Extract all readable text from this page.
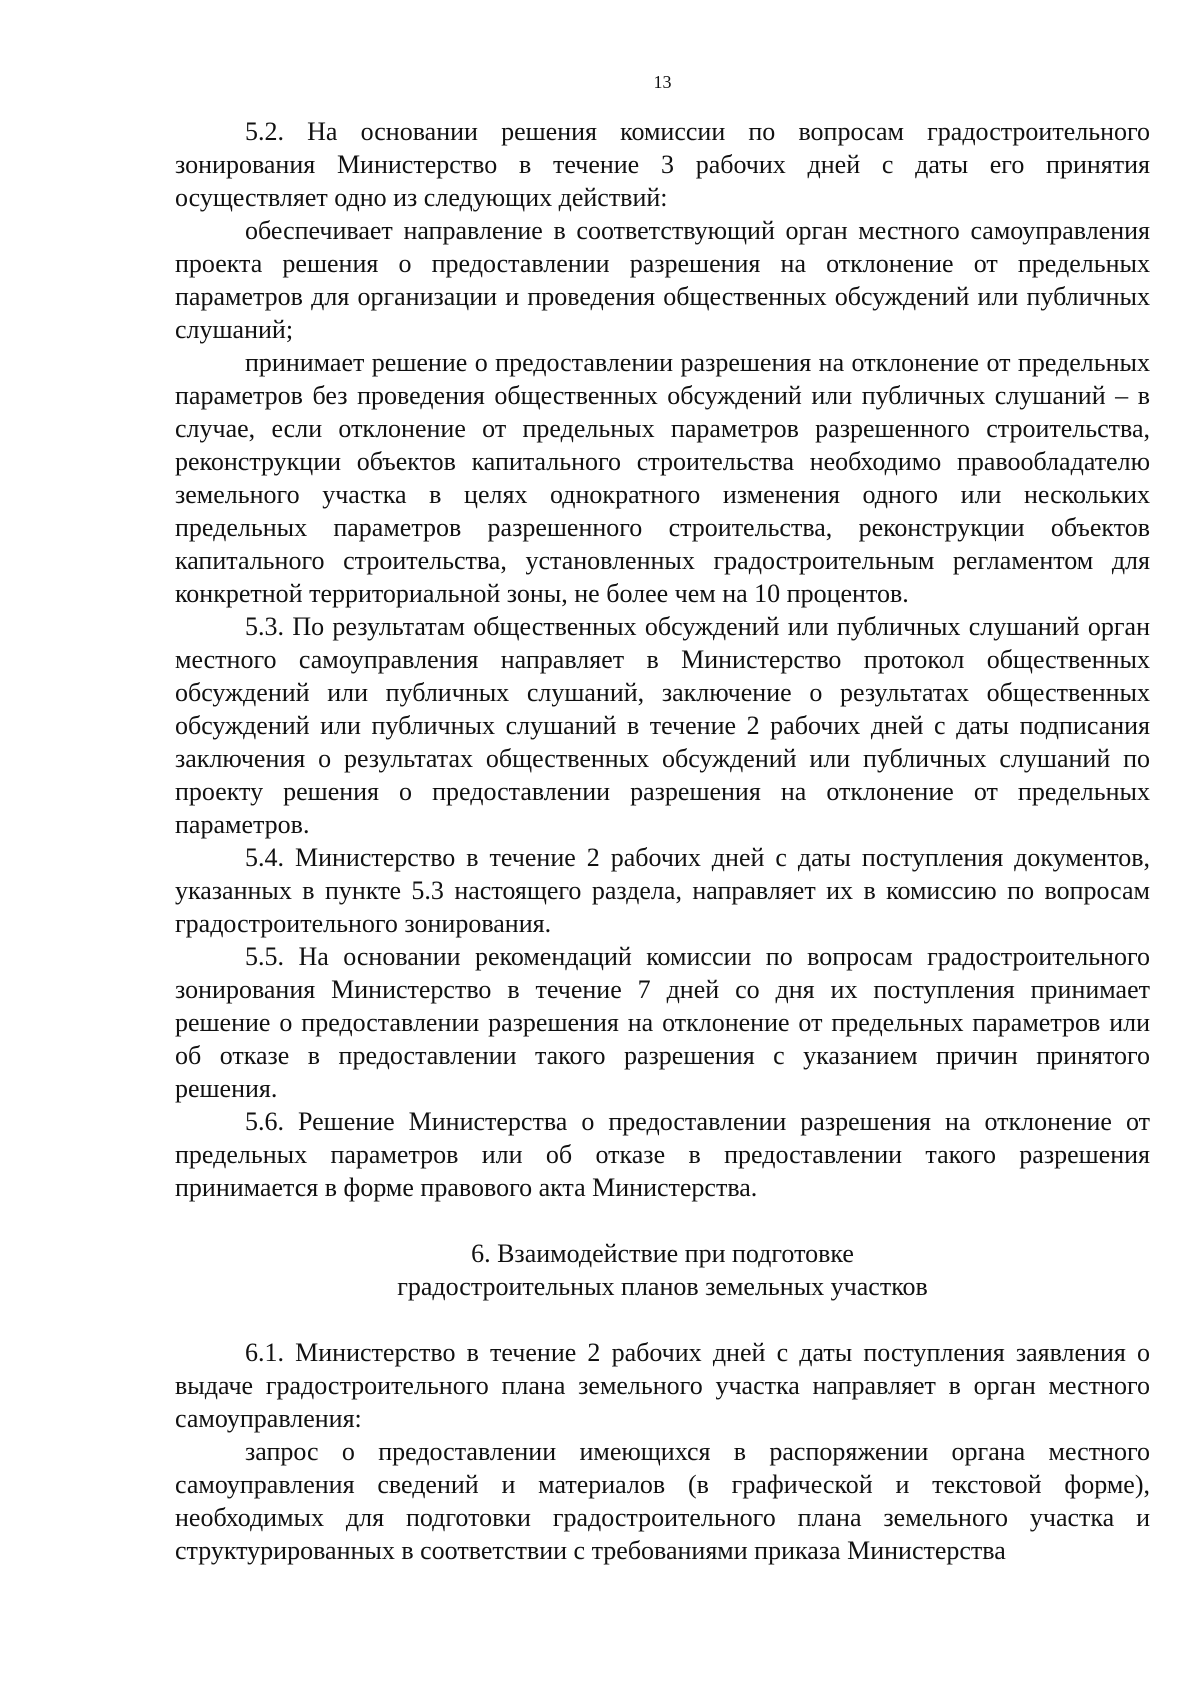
13

5.2. На основании решения комиссии по вопросам градостроительного зонирования Министерство в течение 3 рабочих дней с даты его принятия осуществляет одно из следующих действий:

обеспечивает направление в соответствующий орган местного самоуправления проекта решения о предоставлении разрешения на отклонение от предельных параметров для организации и проведения общественных обсуждений или публичных слушаний;

принимает решение о предоставлении разрешения на отклонение от предельных параметров без проведения общественных обсуждений или публичных слушаний – в случае, если отклонение от предельных параметров разрешенного строительства, реконструкции объектов капитального строительства необходимо правообладателю земельного участка в целях однократного изменения одного или нескольких предельных параметров разрешенного строительства, реконструкции объектов капитального строительства, установленных градостроительным регламентом для конкретной территориальной зоны, не более чем на 10 процентов.

5.3. По результатам общественных обсуждений или публичных слушаний орган местного самоуправления направляет в Министерство протокол общественных обсуждений или публичных слушаний, заключение о результатах общественных обсуждений или публичных слушаний в течение 2 рабочих дней с даты подписания заключения о результатах общественных обсуждений или публичных слушаний по проекту решения о предоставлении разрешения на отклонение от предельных параметров.

5.4. Министерство в течение 2 рабочих дней с даты поступления документов, указанных в пункте 5.3 настоящего раздела, направляет их в комиссию по вопросам градостроительного зонирования.

5.5. На основании рекомендаций комиссии по вопросам градостроительного зонирования Министерство в течение 7 дней со дня их поступления принимает решение о предоставлении разрешения на отклонение от предельных параметров или об отказе в предоставлении такого разрешения с указанием причин принятого решения.

5.6. Решение Министерства о предоставлении разрешения на отклонение от предельных параметров или об отказе в предоставлении такого разрешения принимается в форме правового акта Министерства.

6. Взаимодействие при подготовке
градостроительных планов земельных участков

6.1. Министерство в течение 2 рабочих дней с даты поступления заявления о выдаче градостроительного плана земельного участка направляет в орган местного самоуправления:

запрос о предоставлении имеющихся в распоряжении органа местного самоуправления сведений и материалов (в графической и текстовой форме), необходимых для подготовки градостроительного плана земельного участка и структурированных в соответствии с требованиями приказа Министерства
